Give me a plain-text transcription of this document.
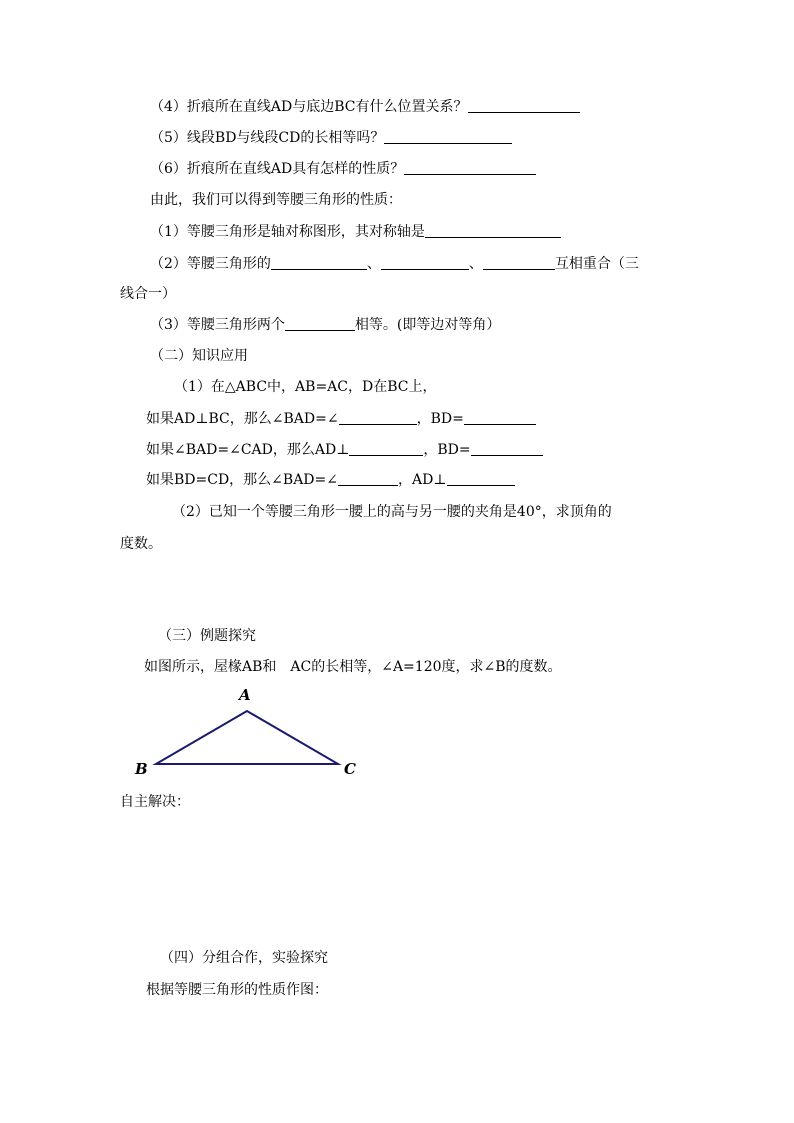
（4）折痕所在直线AD与底边BC有什么位置关系？
（5）线段BD与线段CD的长相等吗？
（6）折痕所在直线AD具有怎样的性质？
由此，我们可以得到等腰三角形的性质：
（1）等腰三角形是轴对称图形，其对称轴是
（2）等腰三角形的	、	、	互相重合（三
线合一）
（3）等腰三角形两个	相等。(即等边对等角）
（二）知识应用
（1）在△ABC中，AB=AC，D在BC上，
如果AD⊥BC，那么∠BAD=∠	，BD=
如果∠BAD=∠CAD，那么AD⊥	，BD=
如果BD=CD，那么∠BAD=∠	，AD⊥
（2）已知一个等腰三角形一腰上的高与另一腰的夹角是40°，求顶角的
度数。
（三）例题探究
如图所示，屋椽AB和　AC的长相等，∠A=120度，求∠B的度数。
A
B	C
自主解决：
（四）分组合作，实验探究
根据等腰三角形的性质作图：
